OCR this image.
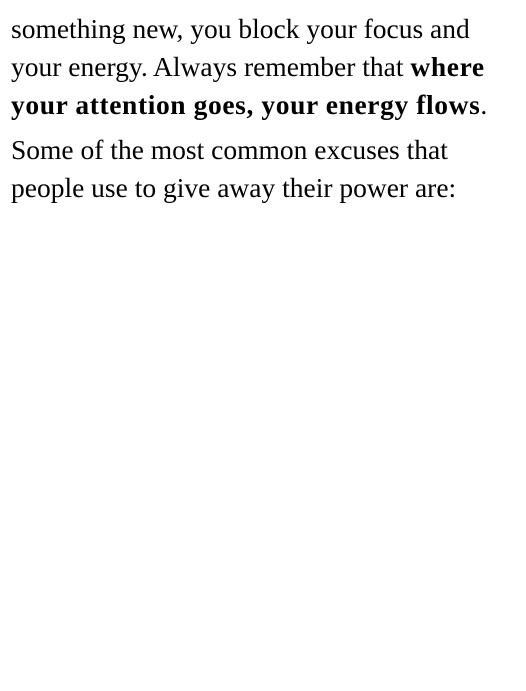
something new, you block your focus and your energy. Always remember that where your attention goes, your energy flows.

Some of the most common excuses that people use to give away their power are:
